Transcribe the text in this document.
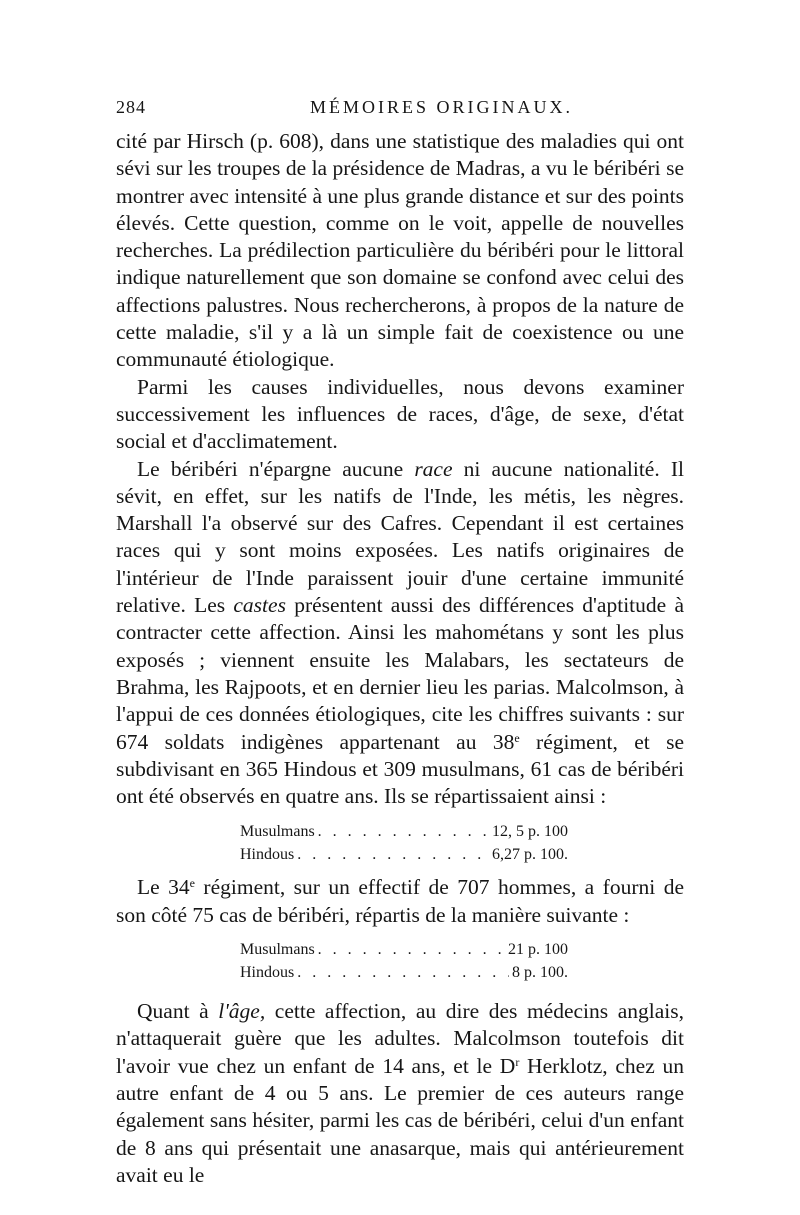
284	MÉMOIRES ORIGINAUX.

cité par Hirsch (p. 608), dans une statistique des maladies qui ont sévi sur les troupes de la présidence de Madras, a vu le béribéri se montrer avec intensité à une plus grande distance et sur des points élevés. Cette question, comme on le voit, appelle de nouvelles recherches. La prédilection particulière du béribéri pour le littoral indique naturellement que son domaine se confond avec celui des affections palustres. Nous rechercherons, à propos de la nature de cette maladie, s'il y a là un simple fait de coexistence ou une communauté étiologique.

Parmi les causes individuelles, nous devons examiner successivement les influences de races, d'âge, de sexe, d'état social et d'acclimatement.

Le béribéri n'épargne aucune race ni aucune nationalité. Il sévit, en effet, sur les natifs de l'Inde, les métis, les nègres. Marshall l'a observé sur des Cafres. Cependant il est certaines races qui y sont moins exposées. Les natifs originaires de l'intérieur de l'Inde paraissent jouir d'une certaine immunité relative. Les castes présentent aussi des différences d'aptitude à contracter cette affection. Ainsi les mahométans y sont les plus exposés ; viennent ensuite les Malabars, les sectateurs de Brahma, les Rajpoots, et en dernier lieu les parias. Malcolmson, à l'appui de ces données étiologiques, cite les chiffres suivants : sur 674 soldats indigènes appartenant au 38e régiment, et se subdivisant en 365 Hindous et 309 musulmans, 61 cas de béribéri ont été observés en quatre ans. Ils se répartissaient ainsi :

Musulmans . . .	12, 5 p. 100
Hindous . . .	6,27 p. 100.

Le 34e régiment, sur un effectif de 707 hommes, a fourni de son côté 75 cas de béribéri, répartis de la manière suivante :

Musulmans . . .	21 p. 100
Hindous . . .	8 p. 100.

Quant à l'âge, cette affection, au dire des médecins anglais, n'attaquerait guère que les adultes. Malcolmson toutefois dit l'avoir vue chez un enfant de 14 ans, et le $D^r$ Herklotz, chez un autre enfant de 4 ou 5 ans. Le premier de ces auteurs range également sans hésiter, parmi les cas de béribéri, celui d'un enfant de 8 ans qui présentait une anasarque, mais qui antérieurement avait eu le
